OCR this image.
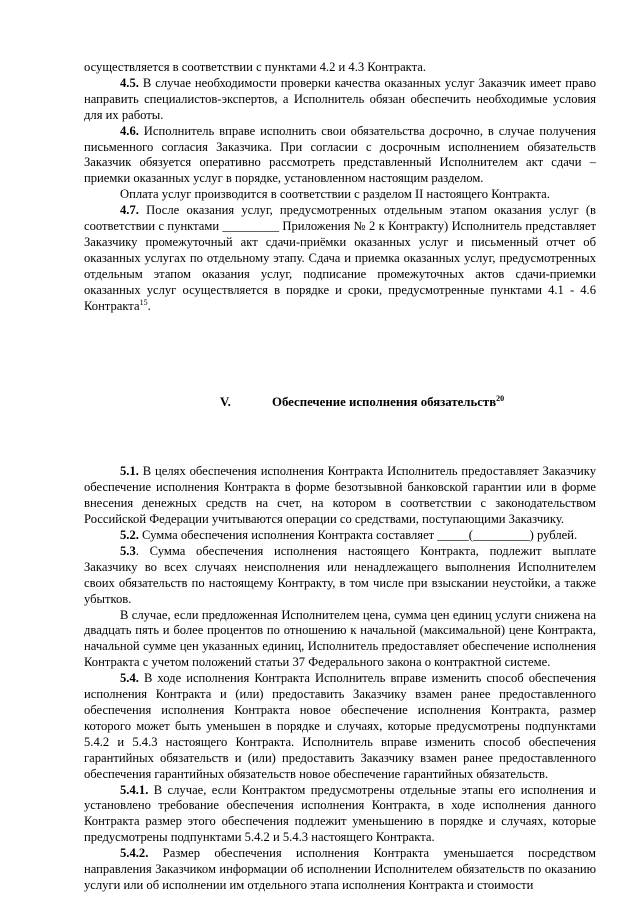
осуществляется в соответствии с пунктами 4.2 и 4.3 Контракта.

4.5. В случае необходимости проверки качества оказанных услуг Заказчик имеет право направить специалистов-экспертов, а Исполнитель обязан обеспечить необходимые условия для их работы.

4.6. Исполнитель вправе исполнить свои обязательства досрочно, в случае получения письменного согласия Заказчика. При согласии с досрочным исполнением обязательств Заказчик обязуется оперативно рассмотреть представленный Исполнителем акт сдачи – приемки оказанных услуг в порядке, установленном настоящим разделом.

Оплата услуг производится в соответствии с разделом II настоящего Контракта.

4.7. После оказания услуг, предусмотренных отдельным этапом оказания услуг (в соответствии с пунктами _________ Приложения № 2 к Контракту) Исполнитель представляет Заказчику промежуточный акт сдачи-приёмки оказанных услуг и письменный отчет об оказанных услугах по отдельному этапу. Сдача и приемка оказанных услуг, предусмотренных отдельным этапом оказания услуг, подписание промежуточных актов сдачи-приемки оказанных услуг осуществляется в порядке и сроки, предусмотренные пунктами 4.1 - 4.6 Контракта$^{15}$.

V.	Обеспечение исполнения обязательств$^{20}$

5.1. В целях обеспечения исполнения Контракта Исполнитель предоставляет Заказчику обеспечение исполнения Контракта в форме безотзывной банковской гарантии или в форме внесения денежных средств на счет, на котором в соответствии с законодательством Российской Федерации учитываются операции со средствами, поступающими Заказчику.

5.2. Сумма обеспечения исполнения Контракта составляет _____(_________) рублей.

5.3. Сумма обеспечения исполнения настоящего Контракта, подлежит выплате Заказчику во всех случаях неисполнения или ненадлежащего выполнения Исполнителем своих обязательств по настоящему Контракту, в том числе при взыскании неустойки, а также убытков.

В случае, если предложенная Исполнителем цена, сумма цен единиц услуги снижена на двадцать пять и более процентов по отношению к начальной (максимальной) цене Контракта, начальной сумме цен указанных единиц, Исполнитель предоставляет обеспечение исполнения Контракта с учетом положений статьи 37 Федерального закона о контрактной системе.

5.4. В ходе исполнения Контракта Исполнитель вправе изменить способ обеспечения исполнения Контракта и (или) предоставить Заказчику взамен ранее предоставленного обеспечения исполнения Контракта новое обеспечение исполнения Контракта, размер которого может быть уменьшен в порядке и случаях, которые предусмотрены подпунктами 5.4.2 и 5.4.3 настоящего Контракта. Исполнитель вправе изменить способ обеспечения гарантийных обязательств и (или) предоставить Заказчику взамен ранее предоставленного обеспечения гарантийных обязательств новое обеспечение гарантийных обязательств.

5.4.1. В случае, если Контрактом предусмотрены отдельные этапы его исполнения и установлено требование обеспечения исполнения Контракта, в ходе исполнения данного Контракта размер этого обеспечения подлежит уменьшению в порядке и случаях, которые предусмотрены подпунктами 5.4.2 и 5.4.3 настоящего Контракта.

5.4.2. Размер обеспечения исполнения Контракта уменьшается посредством направления Заказчиком информации об исполнении Исполнителем обязательств по оказанию услуги или об исполнении им отдельного этапа исполнения Контракта и стоимости
